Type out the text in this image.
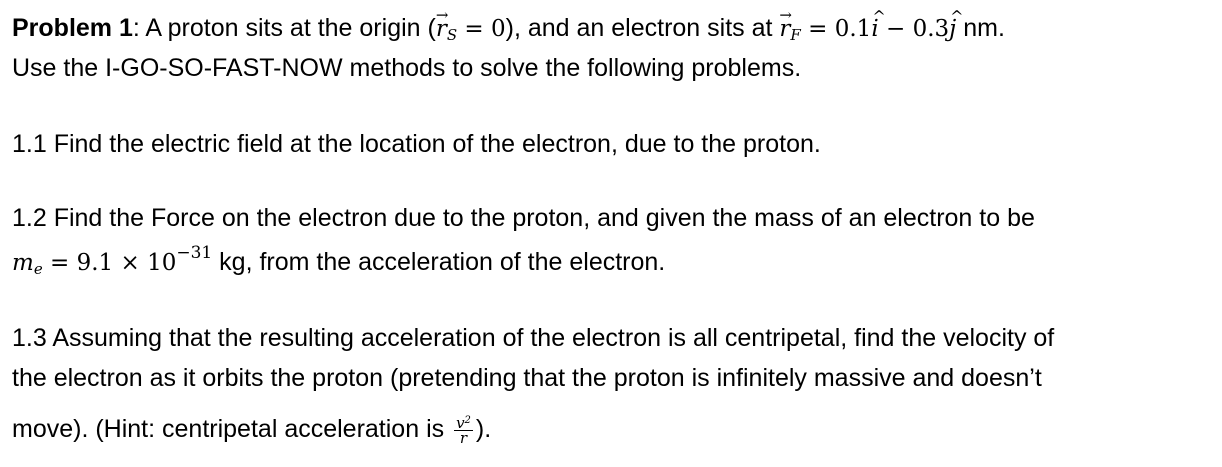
Problem 1: A proton sits at the origin (→ $r_S = 0$), and an electron sits at → $r_F$ = 0.1^ i − 0.3^ j nm.
Use the I-GO-SO-FAST-NOW methods to solve the following problems.
1.1 Find the electric field at the location of the electron, due to the proton.
1.2 Find the Force on the electron due to the proton, and given the mass of an electron to be
$m_e = 9.1 \times 10^{-31}$ kg, from the acceleration of the electron.
1.3 Assuming that the resulting acceleration of the electron is all centripetal, find the velocity of
the electron as it orbits the proton (pretending that the proton is infinitely massive and doesn’t
move). (Hint: centripetal acceleration is $\frac{v^2}{r}$ ).
